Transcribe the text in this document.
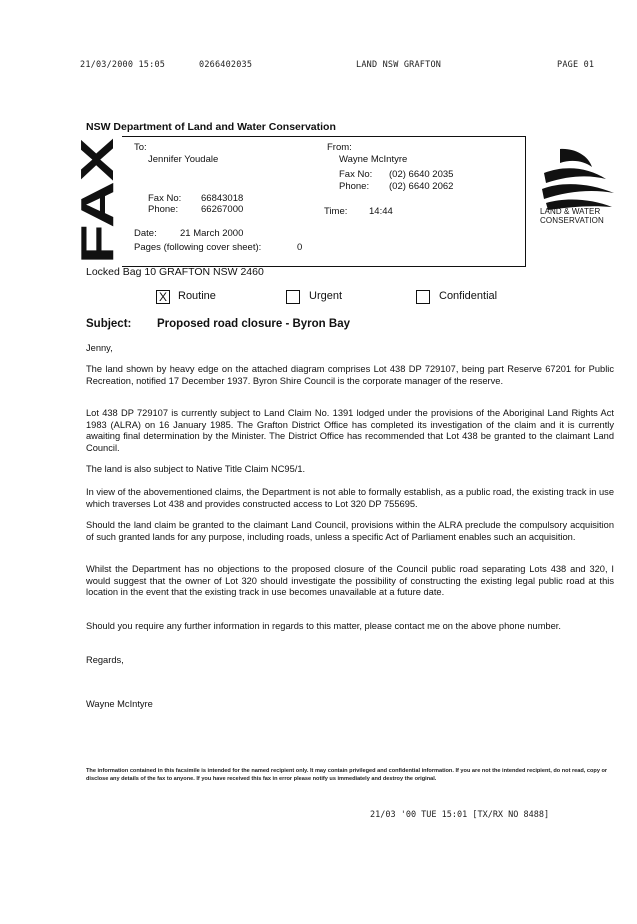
21/03/2000 15:05	0266402035	LAND NSW GRAFTON	PAGE 01
NSW Department of Land and Water Conservation
FAX
To:
Jennifer Youdale
Fax No: 66843018
Phone: 66267000
Date: 21 March 2000
Pages (following cover sheet):	0
From:
Wayne McIntyre
Fax No: (02) 6640 2035
Phone: (02) 6640 2062
Time: 14:44	LAND & WATER
CONSERVATION
Locked Bag 10 GRAFTON NSW 2460
X Routine	Urgent	Confidential
Subject: Proposed road closure - Byron Bay
Jenny,
The land shown by heavy edge on the attached diagram comprises Lot 438 DP 729107, being part Reserve 67201 for Public Recreation, notified 17 December 1937. Byron Shire Council is the corporate manager of the reserve.
Lot 438 DP 729107 is currently subject to Land Claim No. 1391 lodged under the provisions of the Aboriginal Land Rights Act 1983 (ALRA) on 16 January 1985. The Grafton District Office has completed its investigation of the claim and it is currently awaiting final determination by the Minister. The District Office has recommended that Lot 438 be granted to the claimant Land Council.
The land is also subject to Native Title Claim NC95/1.
In view of the abovementioned claims, the Department is not able to formally establish, as a public road, the existing track in use which traverses Lot 438 and provides constructed access to Lot 320 DP 755695.
Should the land claim be granted to the claimant Land Council, provisions within the ALRA preclude the compulsory acquisition of such granted lands for any purpose, including roads, unless a specific Act of Parliament enables such an acquisition.
Whilst the Department has no objections to the proposed closure of the Council public road separating Lots 438 and 320, I would suggest that the owner of Lot 320 should investigate the possibility of constructing the existing legal public road at this location in the event that the existing track in use becomes unavailable at a future date.
Should you require any further information in regards to this matter, please contact me on the above phone number.
Regards,
Wayne McIntyre
The information contained in this facsimile is intended for the named recipient only. It may contain privileged and confidential information. If you are not the intended recipient, do not read, copy or disclose any details of the fax to anyone. If you have received this fax in error please notify us immediately and destroy the original.
21/03 '00 TUE 15:01 [TX/RX NO 8488]
